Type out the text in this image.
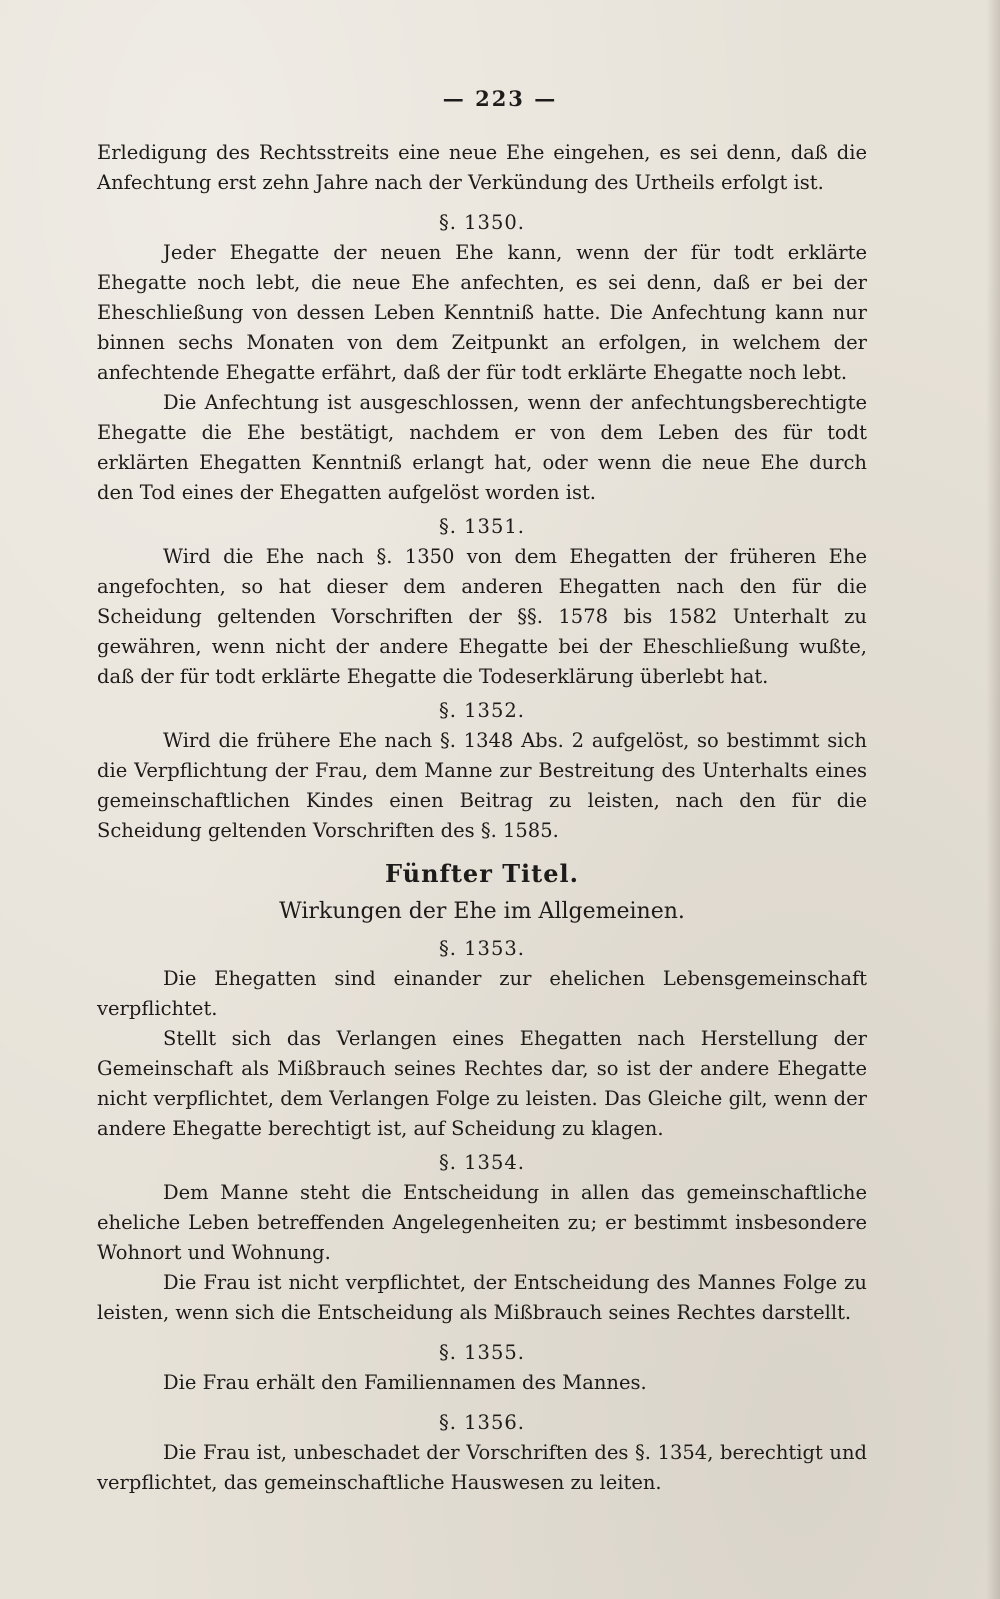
— 223 —

Erledigung des Rechtsstreits eine neue Ehe eingehen, es sei denn, daß die Anfechtung erst zehn Jahre nach der Verkündung des Urtheils erfolgt ist.

§. 1350.

Jeder Ehegatte der neuen Ehe kann, wenn der für todt erklärte Ehegatte noch lebt, die neue Ehe anfechten, es sei denn, daß er bei der Eheschließung von dessen Leben Kenntniß hatte. Die Anfechtung kann nur binnen sechs Monaten von dem Zeitpunkt an erfolgen, in welchem der anfechtende Ehegatte erfährt, daß der für todt erklärte Ehegatte noch lebt.

Die Anfechtung ist ausgeschlossen, wenn der anfechtungsberechtigte Ehegatte die Ehe bestätigt, nachdem er von dem Leben des für todt erklärten Ehegatten Kenntniß erlangt hat, oder wenn die neue Ehe durch den Tod eines der Ehegatten aufgelöst worden ist.

§. 1351.

Wird die Ehe nach §. 1350 von dem Ehegatten der früheren Ehe angefochten, so hat dieser dem anderen Ehegatten nach den für die Scheidung geltenden Vorschriften der §§. 1578 bis 1582 Unterhalt zu gewähren, wenn nicht der andere Ehegatte bei der Eheschließung wußte, daß der für todt erklärte Ehegatte die Todeserklärung überlebt hat.

§. 1352.

Wird die frühere Ehe nach §. 1348 Abs. 2 aufgelöst, so bestimmt sich die Verpflichtung der Frau, dem Manne zur Bestreitung des Unterhalts eines gemeinschaftlichen Kindes einen Beitrag zu leisten, nach den für die Scheidung geltenden Vorschriften des §. 1585.

Fünfter Titel.

Wirkungen der Ehe im Allgemeinen.

§. 1353.

Die Ehegatten sind einander zur ehelichen Lebensgemeinschaft verpflichtet.

Stellt sich das Verlangen eines Ehegatten nach Herstellung der Gemeinschaft als Mißbrauch seines Rechtes dar, so ist der andere Ehegatte nicht verpflichtet, dem Verlangen Folge zu leisten. Das Gleiche gilt, wenn der andere Ehegatte berechtigt ist, auf Scheidung zu klagen.

§. 1354.

Dem Manne steht die Entscheidung in allen das gemeinschaftliche eheliche Leben betreffenden Angelegenheiten zu; er bestimmt insbesondere Wohnort und Wohnung.

Die Frau ist nicht verpflichtet, der Entscheidung des Mannes Folge zu leisten, wenn sich die Entscheidung als Mißbrauch seines Rechtes darstellt.

§. 1355.

Die Frau erhält den Familiennamen des Mannes.

§. 1356.

Die Frau ist, unbeschadet der Vorschriften des §. 1354, berechtigt und verpflichtet, das gemeinschaftliche Hauswesen zu leiten.
